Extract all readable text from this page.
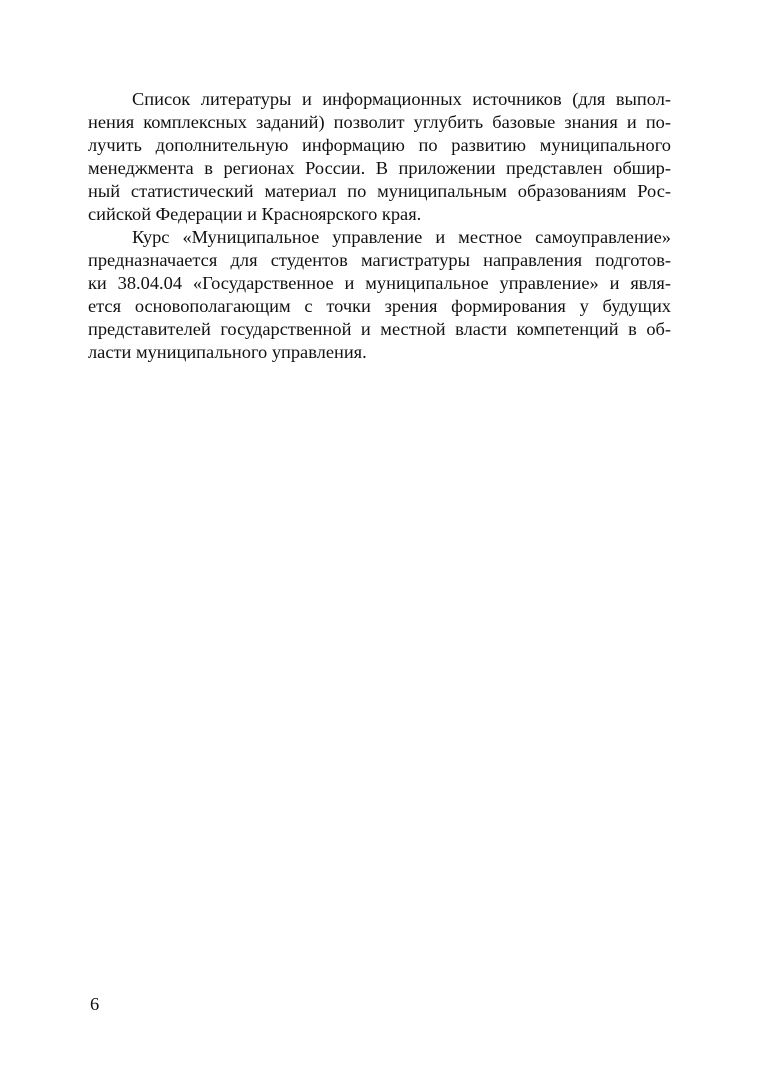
Список литературы и информационных источников (для выпол-
нения комплексных заданий) позволит углубить базовые знания и по-
лучить дополнительную информацию по развитию муниципального
менеджмента в регионах России. В приложении представлен обшир-
ный статистический материал по муниципальным образованиям Рос-
сийской Федерации и Красноярского края.
Курс «Муниципальное управление и местное самоуправление»
предназначается для студентов магистратуры направления подготов-
ки 38.04.04 «Государственное и муниципальное управление» и явля-
ется основополагающим с точки зрения формирования у будущих
представителей государственной и местной власти компетенций в об-
ласти муниципального управления.
6
